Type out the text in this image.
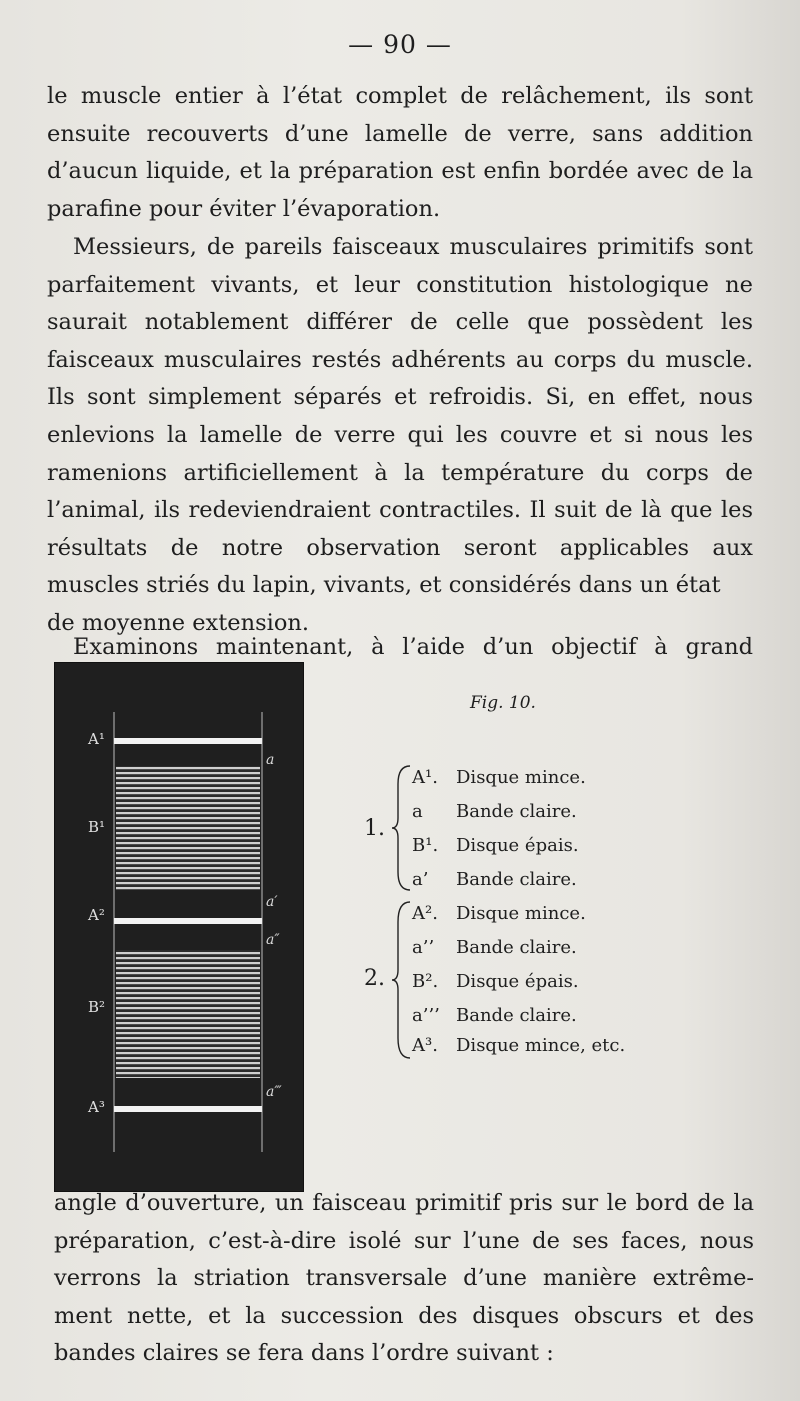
— 90 —

le muscle entier à l’état complet de relâchement, ils sont ensuite recouverts d’une lamelle de verre, sans addition d’aucun liquide, et la préparation est enfin bordée avec de la parafine pour éviter l’évaporation.

Messieurs, de pareils faisceaux musculaires primitifs sont parfaitement vivants, et leur constitution histologique ne saurait notablement différer de celle que possèdent les faisceaux musculaires restés adhérents au corps du muscle. Ils sont simplement séparés et refroidis. Si, en effet, nous enlevions la lamelle de verre qui les couvre et si nous les ramenions artificiellement à la température du corps de l’animal, ils redeviendraient contractiles. Il suit de là que les résultats de notre observation seront applicables aux muscles striés du lapin, vivants, et considérés dans un état

de moyenne extension.

Examinons maintenant, à l’aide d’un objectif à grand

A¹
B¹
A²
B²
A³
a
a′
a″
a‴
Fig. 10.
1.
A¹. Disque mince.
a Bande claire.
B¹. Disque épais.
a’ Bande claire.
2.
A². Disque mince.
a’’ Bande claire.
B². Disque épais.
a’’’ Bande claire.
A³. Disque mince, etc.

angle d’ouverture, un faisceau primitif pris sur le bord de la préparation, c’est-à-dire isolé sur l’une de ses faces, nous verrons la striation transversale d’une manière extrême-ment nette, et la succession des disques obscurs et des bandes claires se fera dans l’ordre suivant :
